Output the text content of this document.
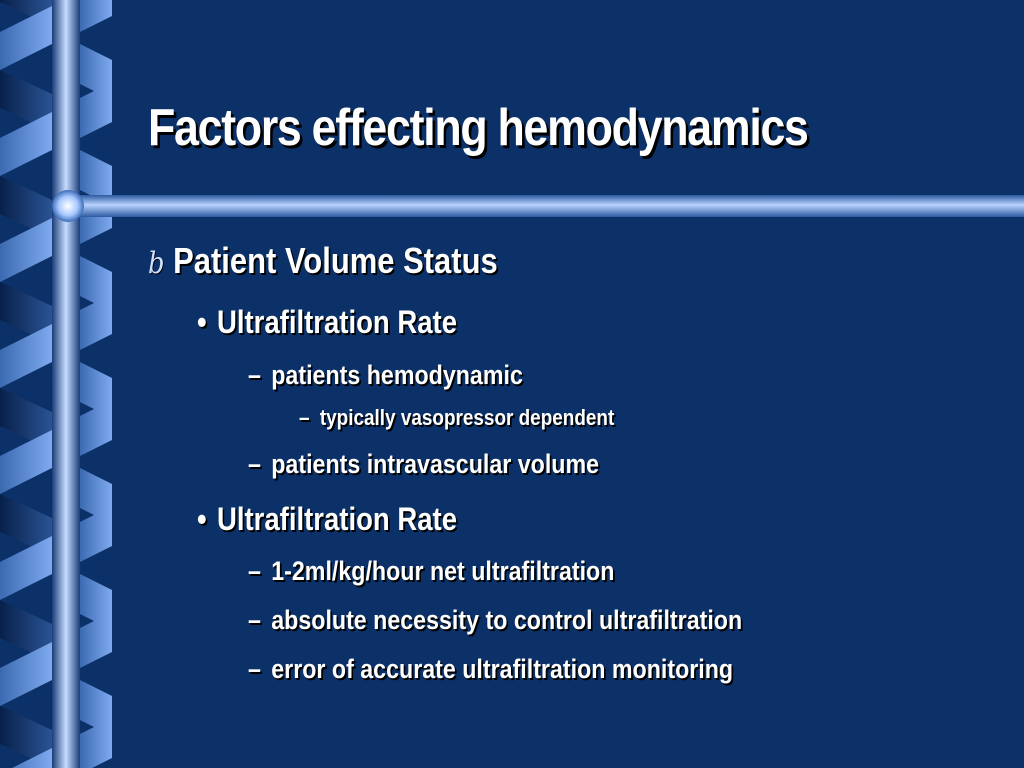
Factors effecting hemodynamics
b Patient Volume Status
• Ultrafiltration Rate
– patients hemodynamic
– typically vasopressor dependent
– patients intravascular volume
• Ultrafiltration Rate
– 1-2ml/kg/hour net ultrafiltration
– absolute necessity to control ultrafiltration
– error of accurate ultrafiltration monitoring
